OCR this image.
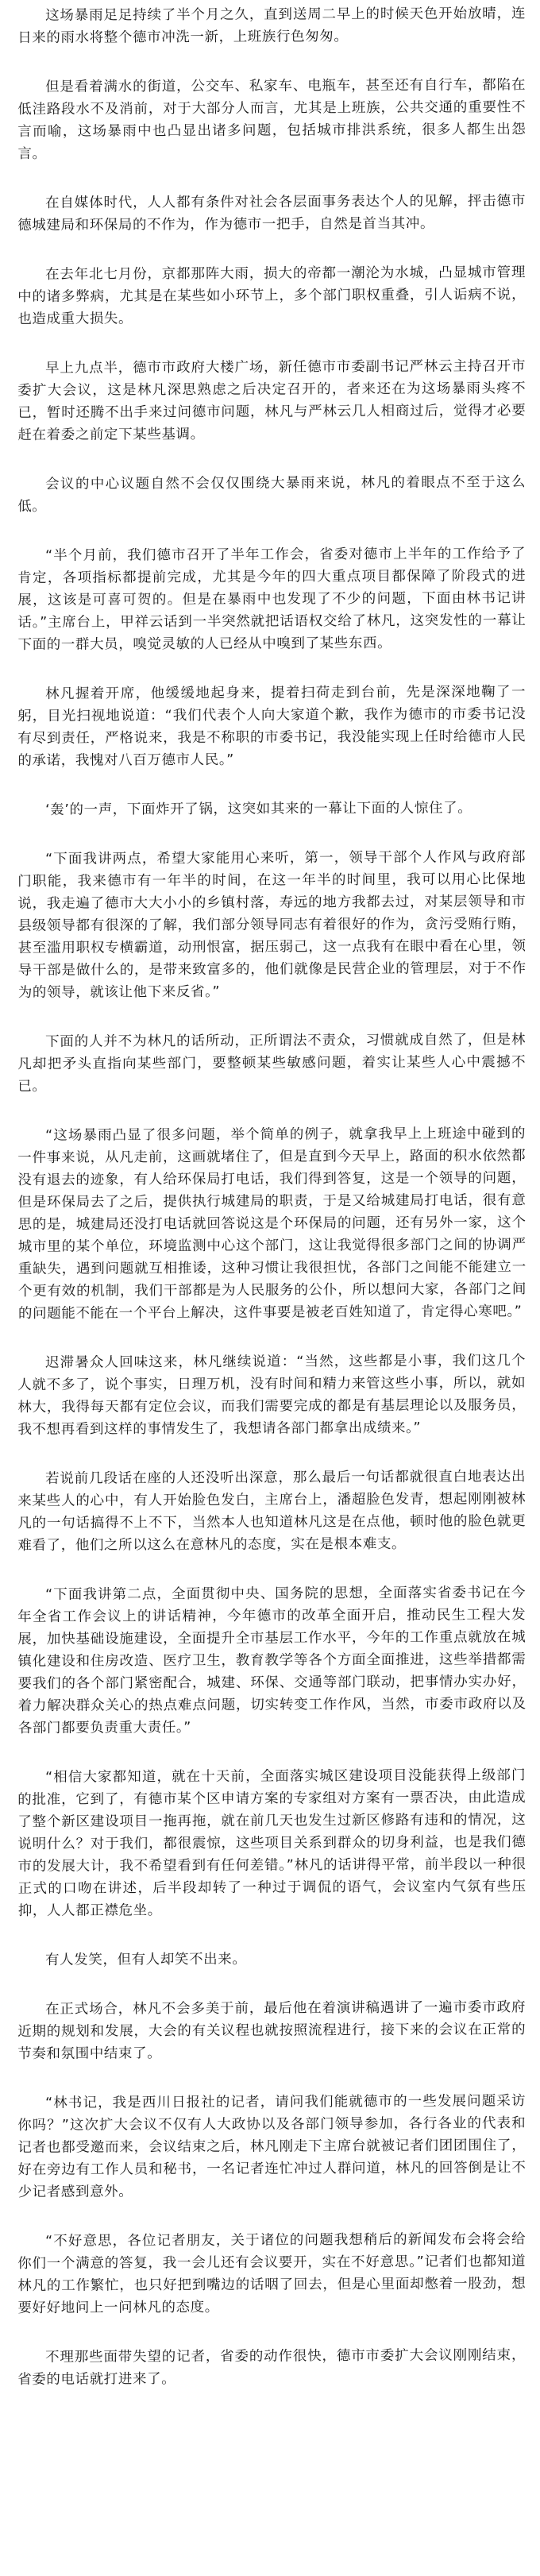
这场暴雨足足持续了半个月之久，直到送周二早上的时候天色开始放晴，连日来的雨水将整个德市冲洗一新，上班族行色匆匆。

但是看着满水的街道，公交车、私家车、电瓶车，甚至还有自行车，都陷在低洼路段水不及消前，对于大部分人而言，尤其是上班族，公共交通的重要性不言而喻，这场暴雨中也凸显出诸多问题，包括城市排洪系统，很多人都生出怨言。

在自媒体时代，人人都有条件对社会各层面事务表达个人的见解，抨击德市德城建局和环保局的不作为，作为德市一把手，自然是首当其冲。

在去年北七月份，京都那阵大雨，损大的帝都一潮沦为水城，凸显城市管理中的诸多弊病，尤其是在某些如小环节上，多个部门职权重叠，引人诟病不说，也造成重大损失。

早上九点半，德市市政府大楼广场，新任德市市委副书记严林云主持召开市委扩大会议，这是林凡深思熟虑之后决定召开的，者来还在为这场暴雨头疼不已，暂时还腾不出手来过问德市问题，林凡与严林云几人相商过后，觉得才必要赶在着委之前定下某些基调。

会议的中心议题自然不会仅仅围绕大暴雨来说，林凡的着眼点不至于这么低。

“半个月前，我们德市召开了半年工作会，省委对德市上半年的工作给予了肯定，各项指标都提前完成，尤其是今年的四大重点项目都保障了阶段式的进展，这该是可喜可贺的。但是在暴雨中也发现了不少的问题，下面由林书记讲话。”主席台上，甲祥云话到一半突然就把话语权交给了林凡，这突发性的一幕让下面的一群大员，嗅觉灵敏的人已经从中嗅到了某些东西。

林凡握着开席，他缓缓地起身来，提着扫荷走到台前，先是深深地鞠了一躬，目光扫视地说道：“我们代表个人向大家道个歉，我作为德市的市委书记没有尽到责任，严格说来，我是不称职的市委书记，我没能实现上任时给德市人民的承诺，我愧对八百万德市人民。”

‘轰’的一声，下面炸开了锅，这突如其来的一幕让下面的人惊住了。

“下面我讲两点，希望大家能用心来听，第一，领导干部个人作风与政府部门职能，我来德市有一年半的时间，在这一年半的时间里，我可以用心比保地说，我走遍了德市大大小小的乡镇村落，寿远的地方我都去过，对某层领导和市县级领导都有很深的了解，我们部分领导同志有着很好的作为，贪污受贿行贿，甚至滥用职权专横霸道，动刑恨富，据压弱己，这一点我有在眼中看在心里，领导干部是做什么的，是带来致富多的，他们就像是民营企业的管理层，对于不作为的领导，就该让他下来反省。”

下面的人并不为林凡的话所动，正所谓法不责众，习惯就成自然了，但是林凡却把矛头直指向某些部门，要整顿某些敏感问题，着实让某些人心中震撼不已。

“这场暴雨凸显了很多问题，举个简单的例子，就拿我早上上班途中碰到的一件事来说，从凡走前，这画就堵住了，但是直到今天早上，路面的积水依然都没有退去的迹象，有人给环保局打电话，我们得到答复，这是一个领导的问题，但是环保局去了之后，提供执行城建局的职责，于是又给城建局打电话，很有意思的是，城建局还没打电话就回答说这是个环保局的问题，还有另外一家，这个城市里的某个单位，环境监测中心这个部门，这让我觉得很多部门之间的协调严重缺失，遇到问题就互相推诿，这种习惯让我很担忧，各部门之间能不能建立一个更有效的机制，我们干部都是为人民服务的公仆，所以想问大家，各部门之间的问题能不能在一个平台上解决，这件事要是被老百姓知道了，肯定得心寒吧。”

迟滞暑众人回味这来，林凡继续说道：“当然，这些都是小事，我们这几个人就不多了，说个事实，日理万机，没有时间和精力来管这些小事，所以，就如林大，我得每天都有定位会议，而我们需要完成的都是有基层理论以及服务员，我不想再看到这样的事情发生了，我想请各部门都拿出成绩来。”

若说前几段话在座的人还没听出深意，那么最后一句话都就很直白地表达出来某些人的心中，有人开始脸色发白，主席台上，潘超脸色发青，想起刚刚被林凡的一句话搞得不上不下，当然本人也知道林凡这是在点他，顿时他的脸色就更难看了，他们之所以这么在意林凡的态度，实在是根本难支。

“下面我讲第二点，全面贯彻中央、国务院的思想，全面落实省委书记在今年全省工作会议上的讲话精神，今年德市的改革全面开启，推动民生工程大发展，加快基础设施建设，全面提升全市基层工作水平，今年的工作重点就放在城镇化建设和住房改造、医疗卫生，教育教学等各个方面全面推进，这些举措都需要我们的各个部门紧密配合，城建、环保、交通等部门联动，把事情办实办好，着力解决群众关心的热点难点问题，切实转变工作作风，当然，市委市政府以及各部门都要负责重大责任。”

“相信大家都知道，就在十天前，全面落实城区建设项目没能获得上级部门的批准，它到了，有德市某个区申请方案的专家组对方案有一票否决，由此造成了整个新区建设项目一拖再拖，就在前几天也发生过新区修路有违和的情况，这说明什么？对于我们，都很震惊，这些项目关系到群众的切身利益，也是我们德市的发展大计，我不希望看到有任何差错。”林凡的话讲得平常，前半段以一种很正式的口吻在讲述，后半段却转了一种过于调侃的语气，会议室内气氛有些压抑，人人都正襟危坐。

有人发笑，但有人却笑不出来。

在正式场合，林凡不会多美于前，最后他在着演讲稿遇讲了一遍市委市政府近期的规划和发展，大会的有关议程也就按照流程进行，接下来的会议在正常的节奏和氛围中结束了。

“林书记，我是西川日报社的记者，请问我们能就德市的一些发展问题采访你吗？”这次扩大会议不仅有人大政协以及各部门领导参加，各行各业的代表和记者也都受邀而来，会议结束之后，林凡刚走下主席台就被记者们团团围住了，好在旁边有工作人员和秘书，一名记者连忙冲过人群问道，林凡的回答倒是让不少记者感到意外。

“不好意思，各位记者朋友，关于诸位的问题我想稍后的新闻发布会将会给你们一个满意的答复，我一会儿还有会议要开，实在不好意思。”记者们也都知道林凡的工作繁忙，也只好把到嘴边的话咽了回去，但是心里面却憋着一股劲，想要好好地问上一问林凡的态度。

不理那些面带失望的记者，省委的动作很快，德市市委扩大会议刚刚结束，省委的电话就打进来了。
